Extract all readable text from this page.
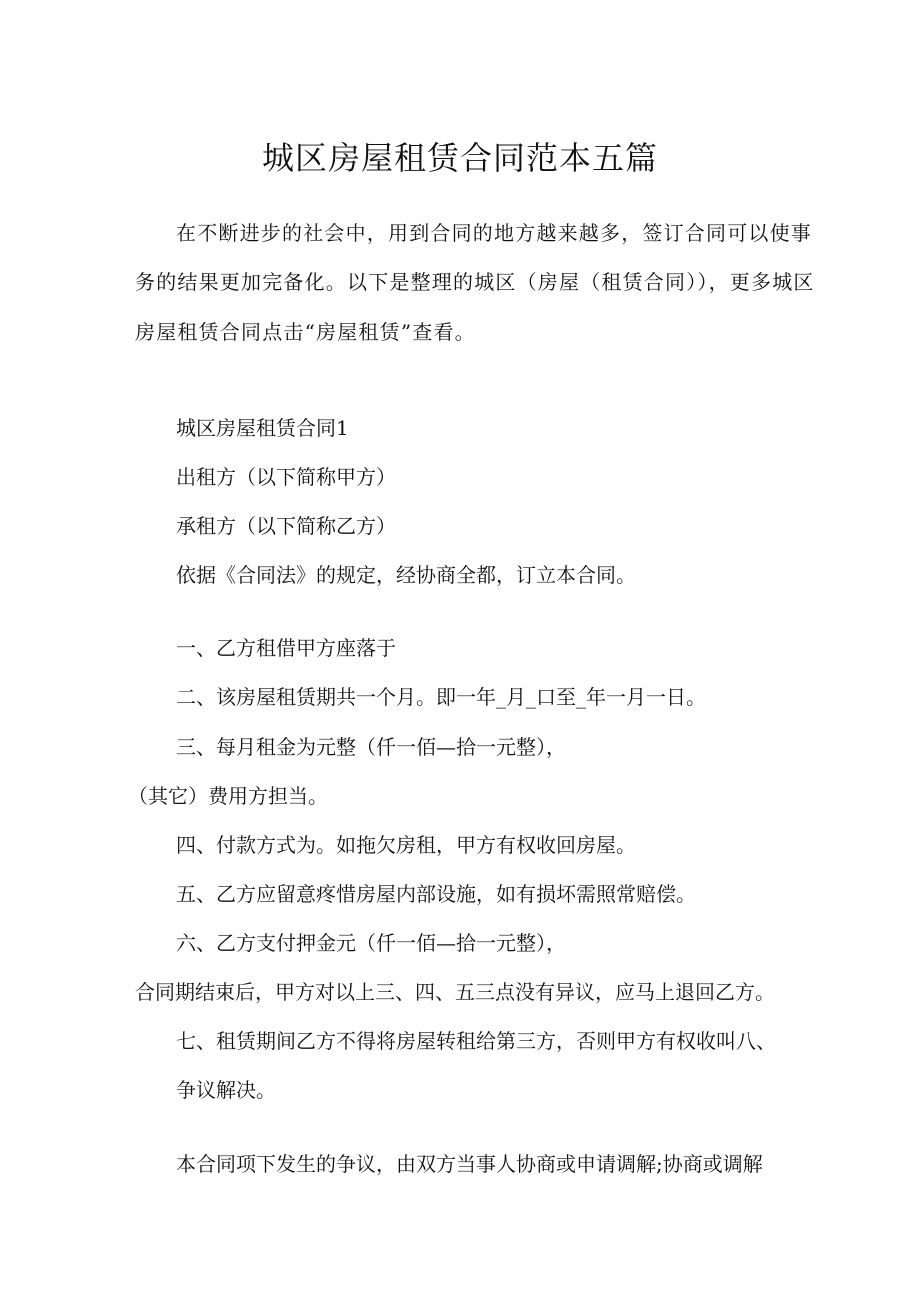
城区房屋租赁合同范本五篇
在不断进步的社会中，用到合同的地方越来越多，签订合同可以使事
务的结果更加完备化。以下是整理的城区（房屋（租赁合同）），更多城区
房屋租赁合同点击“房屋租赁”查看。
城区房屋租赁合同1
出租方（以下简称甲方）
承租方（以下简称乙方）
依据《合同法》的规定，经协商全都，订立本合同。
一、乙方租借甲方座落于
二、该房屋租赁期共一个月。即一年_月_口至_年一月一日。
三、每月租金为元整（仟一佰—拾一元整），
（其它）费用方担当。
四、付款方式为。如拖欠房租，甲方有权收回房屋。
五、乙方应留意疼惜房屋内部设施，如有损坏需照常赔偿。
六、乙方支付押金元（仟一佰—拾一元整），
合同期结束后，甲方对以上三、四、五三点没有异议，应马上退回乙方。
七、租赁期间乙方不得将房屋转租给第三方，否则甲方有权收叫八、
争议解决。
本合同项下发生的争议，由双方当事人协商或申请调解;协商或调解
